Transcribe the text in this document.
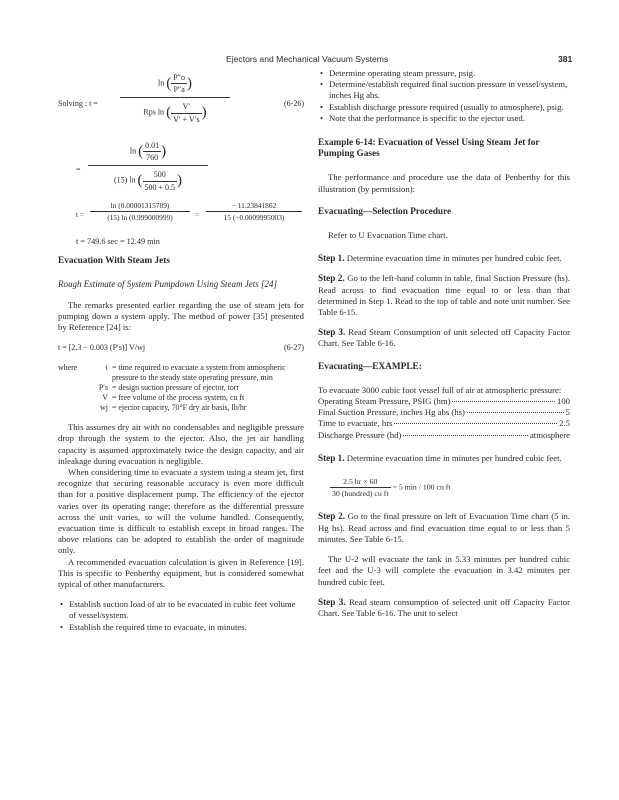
Ejectors and Mechanical Vacuum Systems	381
Solving : t =
ln ( $\frac{P''o}{P''a}$ )
Rps ln ( $\frac{V'}{V' + V's}$ )
(6-26)
=
ln ( $\frac{0.01}{760}$ )
(15) ln ( $\frac{500}{500 + 0.5}$ )
$t = \frac{\ln (0.00001315789)}{(15) \ln (0.999000999)} = \frac{- 11.23841862}{15 (-0.0009995003)}$
t = 749.6 sec = 12.49 min

Evacuation With Steam Jets

Rough Estimate of System Pumpdown Using Steam Jets [24]

The remarks presented earlier regarding the use of steam jets for pumping down a system apply. The method of power [35] presented by Reference [24] is:

t = [2.3 − 0.003 (P′s)] V/wj	(6-27)
where	t = time required to evacuate a system from atmospheric pressure to the steady state operating pressure, min
P′s = design suction pressure of ejector, torr
V = free volume of the process system, cu ft
wj = ejector capacity, 70°F dry air basis, lb/hr

This assumes dry air with no condensables and negligible pressure drop through the system to the ejector. Also, the jet air handling capacity is assumed approximately twice the design capacity, and air inleakage during evacuation is negligible.

When considering time to evacuate a system using a steam jet, first recognize that securing reasonable accuracy is even more difficult than for a positive displacement pump. The efficiency of the ejector varies over its operating range; therefore as the differential pressure across the unit varies, so will the volume handled. Consequently, evacuation time is difficult to establish except in broad ranges. The above relations can be adopted to establish the order of magnitude only.

A recommended evacuation calculation is given in Reference [19]. This is specific to Penberthy equipment, but is considered somewhat typical of other manufacturers.

• Establish suction load of air to be evacuated in cubic feet volume of vessel/system.
• Establish the required time to evacuate, in minutes.
• Determine operating steam pressure, psig.
• Determine/establish required final suction pressure in vessel/system, inches Hg abs.
• Establish discharge pressure required (usually to atmosphere), psig.
• Note that the performance is specific to the ejector used.

Example 6-14: Evacuation of Vessel Using Steam Jet for Pumping Gases

The performance and procedure use the data of Penberthy for this illustration (by permission):

Evacuating—Selection Procedure

Refer to U Evacuation Time chart.

Step 1. Determine evacuation time in minutes per hundred cubic feet.

Step 2. Go to the left-hand column in table, final Suction Pressure (hs). Read across to find evacuation time equal to or less than that determined in Step 1. Read to the top of table and note unit number. See Table 6-15.

Step 3. Read Steam Consumption of unit selected off Capacity Factor Chart. See Table 6-16.

Evacuating—EXAMPLE:

To evacuate 3000 cubic foot vessel full of air at atmospheric pressure:

Operating Steam Pressure, PSIG (hm)	100
Final Suction Pressure, inches Hg abs (hs)	5
Time to evacuate, hrs	2.5
Discharge Pressure (hd)	atmosphere

Step 1. Determine evacuation time in minutes per hundred cubic feet.

$\frac{2.5 hr \times 60}{\text{30 (hundred) cu ft}} = 5$ min / 100 cu ft

Step 2. Go to the final pressure on left of Evacuation Time chart (5 in. Hg hs). Read across and find evacuation time equal to or less than 5 minutes. See Table 6-15.

The U-2 will evacuate the tank in 5.33 minutes per hundred cubic feet and the U-3 will complete the evacuation in 3.42 minutes per hundred cubic feet.

Step 3. Read steam consumption of selected unit off Capacity Factor Chart. See Table 6-16. The unit to select
